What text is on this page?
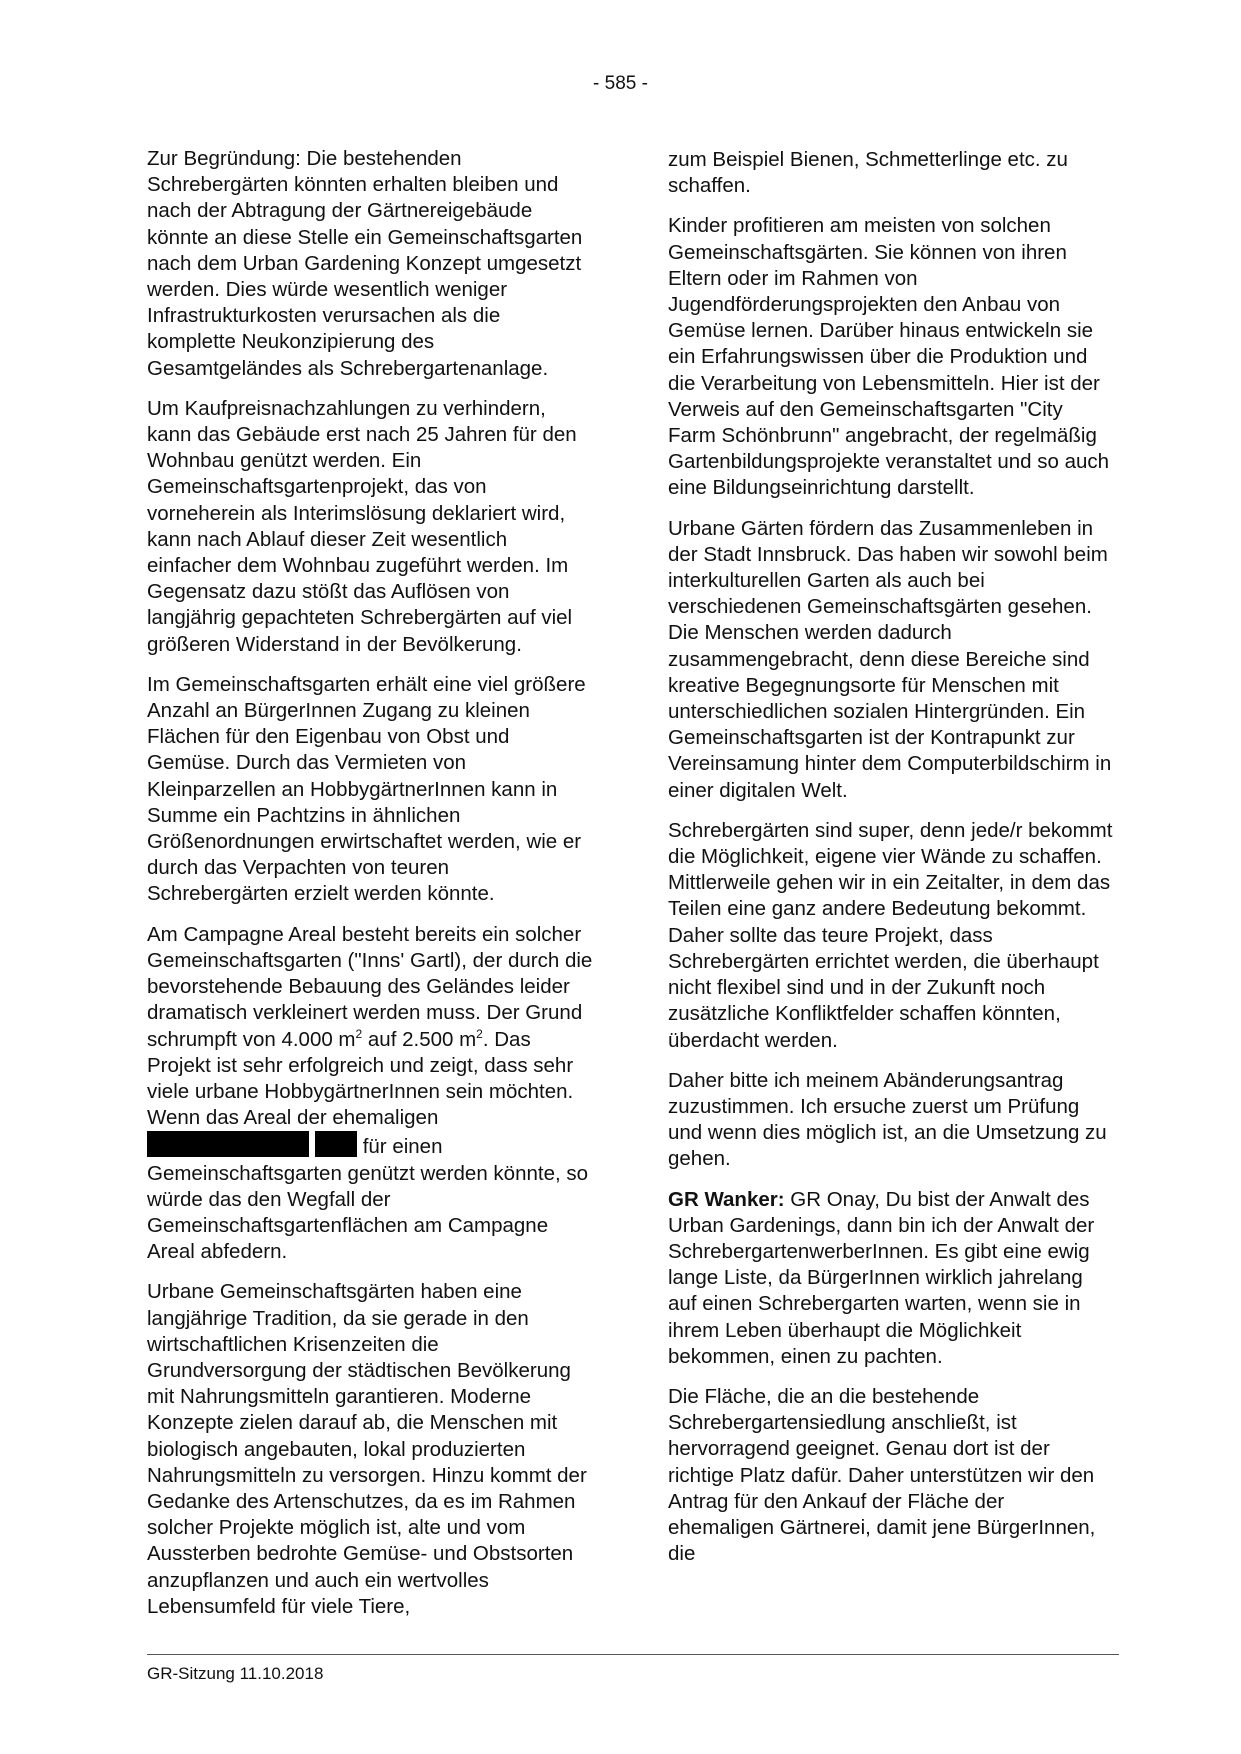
- 585 -

Zur Begründung: Die bestehenden Schrebergärten könnten erhalten bleiben und nach der Abtragung der Gärtnereigebäude könnte an diese Stelle ein Gemeinschaftsgarten nach dem Urban Gardening Konzept umgesetzt werden. Dies würde wesentlich weniger Infrastrukturkosten verursachen als die komplette Neukonzipierung des Gesamtgeländes als Schrebergartenanlage.

Um Kaufpreisnachzahlungen zu verhindern, kann das Gebäude erst nach 25 Jahren für den Wohnbau genützt werden. Ein Gemeinschaftsgartenprojekt, das von vorneherein als Interimslösung deklariert wird, kann nach Ablauf dieser Zeit wesentlich einfacher dem Wohnbau zugeführt werden. Im Gegensatz dazu stößt das Auflösen von langjährig gepachteten Schrebergärten auf viel größeren Widerstand in der Bevölkerung.

Im Gemeinschaftsgarten erhält eine viel größere Anzahl an BürgerInnen Zugang zu kleinen Flächen für den Eigenbau von Obst und Gemüse. Durch das Vermieten von Kleinparzellen an HobbygärtnerInnen kann in Summe ein Pachtzins in ähnlichen Größenordnungen erwirtschaftet werden, wie er durch das Verpachten von teuren Schrebergärten erzielt werden könnte.

Am Campagne Areal besteht bereits ein solcher Gemeinschaftsgarten ("Inns' Gartl), der durch die bevorstehende Bebauung des Geländes leider dramatisch verkleinert werden muss. Der Grund schrumpft von 4.000 $m^2$ auf 2.500 $m^2$. Das Projekt ist sehr erfolgreich und zeigt, dass sehr viele urbane HobbygärtnerInnen sein möchten. Wenn das Areal der ehemaligen  für einen Gemeinschaftsgarten genützt werden könnte, so würde das den Wegfall der Gemeinschaftsgartenflächen am Campagne Areal abfedern.

Urbane Gemeinschaftsgärten haben eine langjährige Tradition, da sie gerade in den wirtschaftlichen Krisenzeiten die Grundversorgung der städtischen Bevölkerung mit Nahrungsmitteln garantieren. Moderne Konzepte zielen darauf ab, die Menschen mit biologisch angebauten, lokal produzierten Nahrungsmitteln zu versorgen. Hinzu kommt der Gedanke des Artenschutzes, da es im Rahmen solcher Projekte möglich ist, alte und vom Aussterben bedrohte Gemüse- und Obstsorten anzupflanzen und auch ein wertvolles Lebensumfeld für viele Tiere,

zum Beispiel Bienen, Schmetterlinge etc. zu schaffen.

Kinder profitieren am meisten von solchen Gemeinschaftsgärten. Sie können von ihren Eltern oder im Rahmen von Jugendförderungsprojekten den Anbau von Gemüse lernen. Darüber hinaus entwickeln sie ein Erfahrungswissen über die Produktion und die Verarbeitung von Lebensmitteln. Hier ist der Verweis auf den Gemeinschaftsgarten "City Farm Schönbrunn" angebracht, der regelmäßig Gartenbildungsprojekte veranstaltet und so auch eine Bildungseinrichtung darstellt.

Urbane Gärten fördern das Zusammenleben in der Stadt Innsbruck. Das haben wir sowohl beim interkulturellen Garten als auch bei verschiedenen Gemeinschaftsgärten gesehen. Die Menschen werden dadurch zusammengebracht, denn diese Bereiche sind kreative Begegnungsorte für Menschen mit unterschiedlichen sozialen Hintergründen. Ein Gemeinschaftsgarten ist der Kontrapunkt zur Vereinsamung hinter dem Computerbildschirm in einer digitalen Welt.

Schrebergärten sind super, denn jede/r bekommt die Möglichkeit, eigene vier Wände zu schaffen. Mittlerweile gehen wir in ein Zeitalter, in dem das Teilen eine ganz andere Bedeutung bekommt. Daher sollte das teure Projekt, dass Schrebergärten errichtet werden, die überhaupt nicht flexibel sind und in der Zukunft noch zusätzliche Konfliktfelder schaffen könnten, überdacht werden.

Daher bitte ich meinem Abänderungsantrag zuzustimmen. Ich ersuche zuerst um Prüfung und wenn dies möglich ist, an die Umsetzung zu gehen.

GR Wanker: GR Onay, Du bist der Anwalt des Urban Gardenings, dann bin ich der Anwalt der SchrebergartenwerberInnen. Es gibt eine ewig lange Liste, da BürgerInnen wirklich jahrelang auf einen Schrebergarten warten, wenn sie in ihrem Leben überhaupt die Möglichkeit bekommen, einen zu pachten.

Die Fläche, die an die bestehende Schrebergartensiedlung anschließt, ist hervorragend geeignet. Genau dort ist der richtige Platz dafür. Daher unterstützen wir den Antrag für den Ankauf der Fläche der ehemaligen Gärtnerei, damit jene BürgerInnen, die

GR-Sitzung 11.10.2018
